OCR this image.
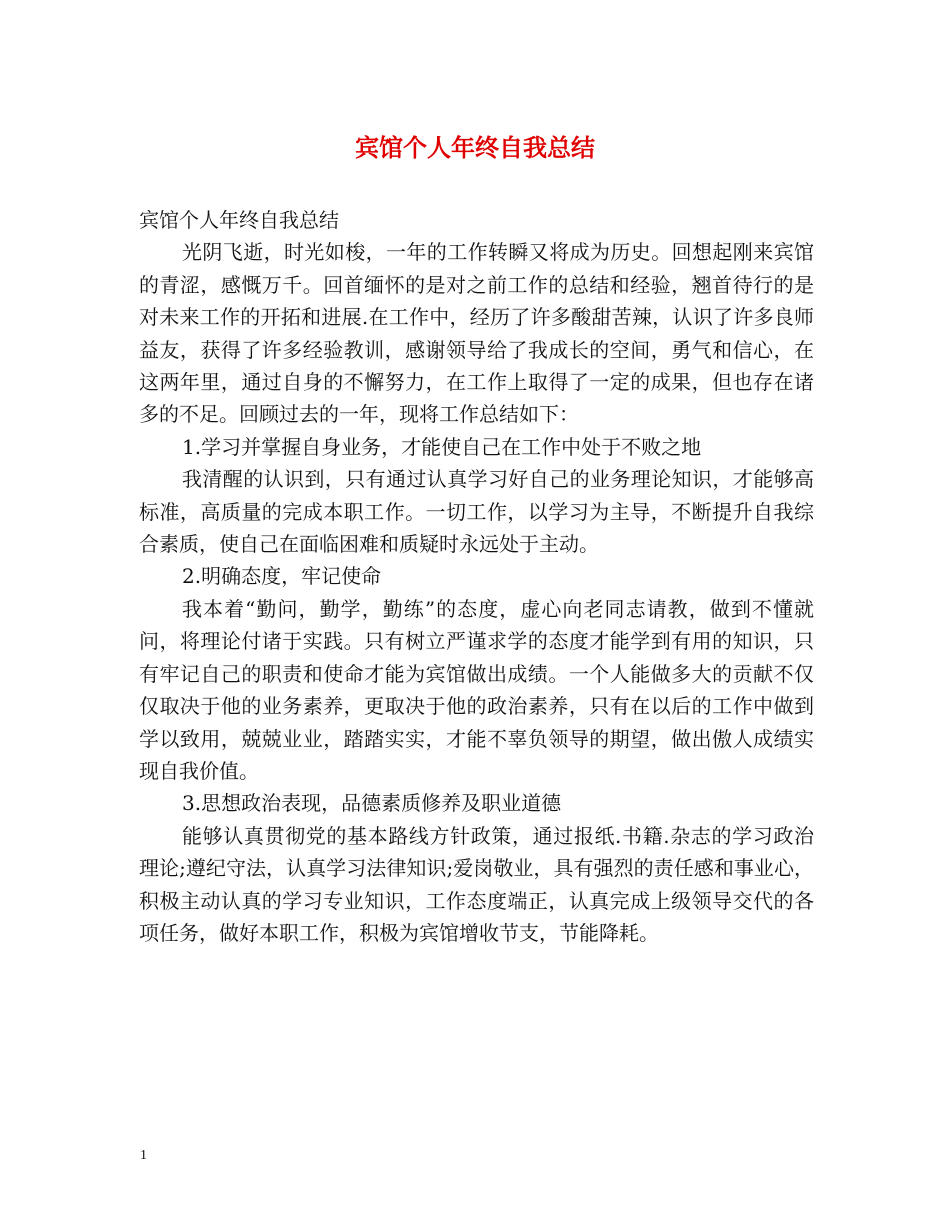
宾馆个人年终自我总结

宾馆个人年终自我总结

光阴飞逝，时光如梭，一年的工作转瞬又将成为历史。回想起刚来宾馆的青涩，感慨万千。回首缅怀的是对之前工作的总结和经验，翘首待行的是对未来工作的开拓和进展.在工作中，经历了许多酸甜苦辣，认识了许多良师益友，获得了许多经验教训，感谢领导给了我成长的空间，勇气和信心，在这两年里，通过自身的不懈努力，在工作上取得了一定的成果，但也存在诸多的不足。回顾过去的一年，现将工作总结如下：

1.学习并掌握自身业务，才能使自己在工作中处于不败之地

我清醒的认识到，只有通过认真学习好自己的业务理论知识，才能够高标准，高质量的完成本职工作。一切工作，以学习为主导，不断提升自我综合素质，使自己在面临困难和质疑时永远处于主动。

2.明确态度，牢记使命

我本着“勤问，勤学，勤练”的态度，虚心向老同志请教，做到不懂就问，将理论付诸于实践。只有树立严谨求学的态度才能学到有用的知识，只有牢记自己的职责和使命才能为宾馆做出成绩。一个人能做多大的贡献不仅仅取决于他的业务素养，更取决于他的政治素养，只有在以后的工作中做到学以致用，兢兢业业，踏踏实实，才能不辜负领导的期望，做出傲人成绩实现自我价值。

3.思想政治表现，品德素质修养及职业道德

能够认真贯彻党的基本路线方针政策，通过报纸.书籍.杂志的学习政治理论;遵纪守法，认真学习法律知识;爱岗敬业，具有强烈的责任感和事业心，积极主动认真的学习专业知识，工作态度端正，认真完成上级领导交代的各项任务，做好本职工作，积极为宾馆增收节支，节能降耗。

1
